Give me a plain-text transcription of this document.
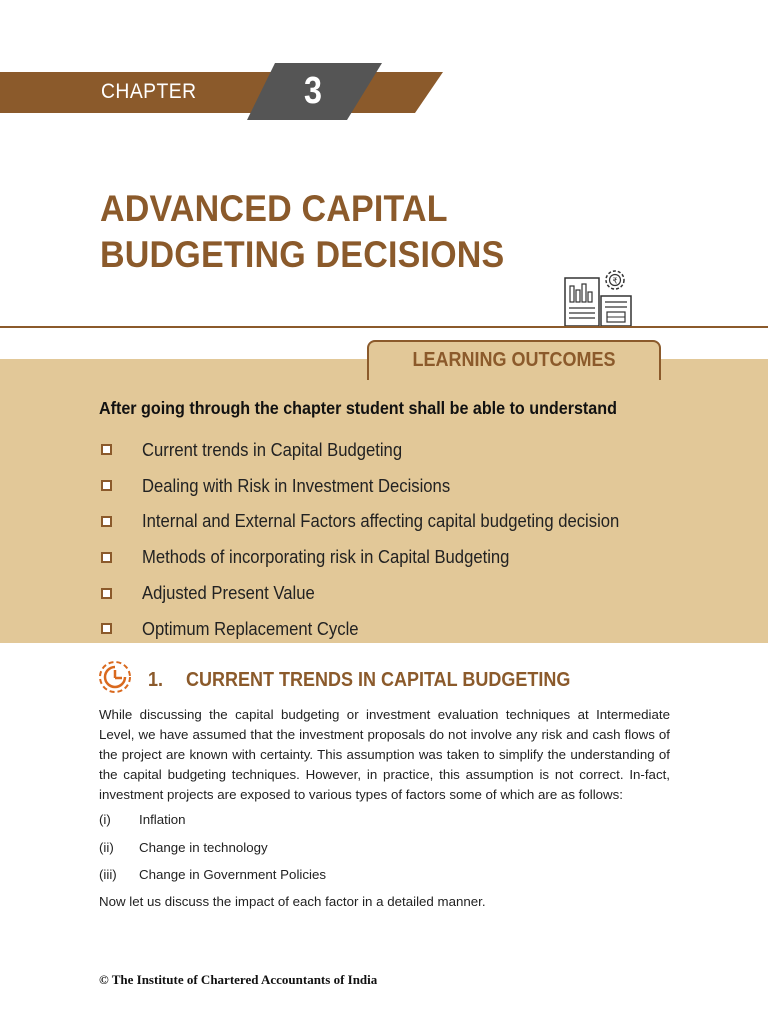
CHAPTER	3
ADVANCED CAPITAL
BUDGETING DECISIONS
₹
LEARNING OUTCOMES
After going through the chapter student shall be able to understand
Current trends in Capital Budgeting
Dealing with Risk in Investment Decisions
Internal and External Factors affecting capital budgeting decision
Methods of incorporating risk in Capital Budgeting
Adjusted Present Value
Optimum Replacement Cycle
1. CURRENT TRENDS IN CAPITAL BUDGETING

While discussing the capital budgeting or investment evaluation techniques at Intermediate Level, we have assumed that the investment proposals do not involve any risk and cash flows of the project are known with certainty. This assumption was taken to simplify the understanding of the capital budgeting techniques. However, in practice, this assumption is not correct. In-fact, investment projects are exposed to various types of factors some of which are as follows:

(i)	Inflation
(ii)	Change in technology
(iii)	Change in Government Policies
Now let us discuss the impact of each factor in a detailed manner.
© The Institute of Chartered Accountants of India
